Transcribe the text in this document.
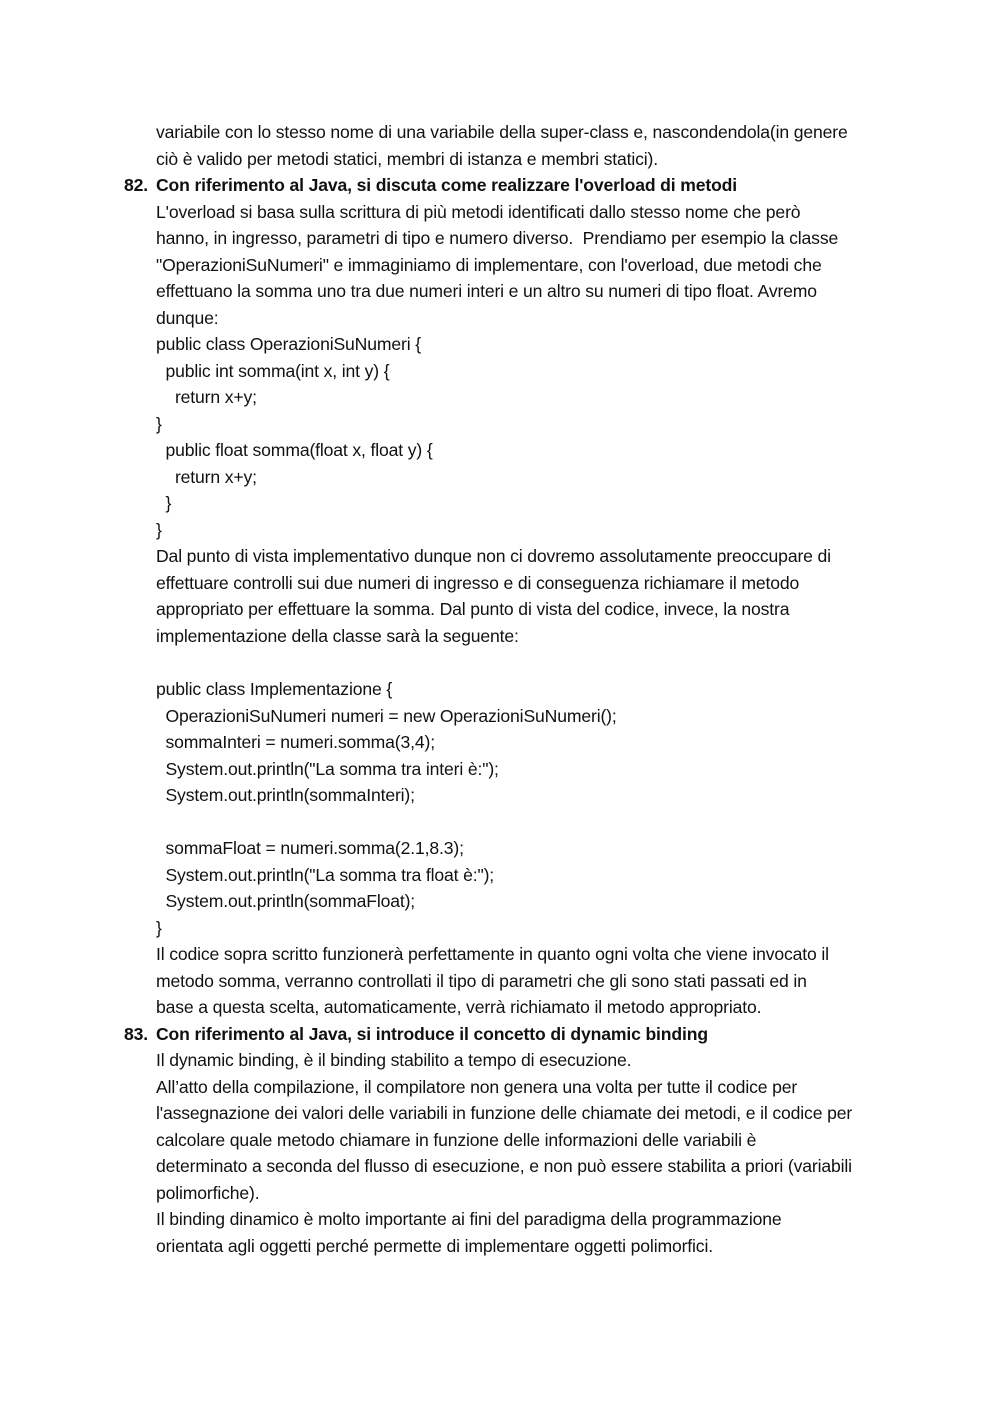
variabile con lo stesso nome di una variabile della super-class e, nascondendola(in genere
ciò è valido per metodi statici, membri di istanza e membri statici).
82. Con riferimento al Java, si discuta come realizzare l'overload di metodi
L'overload si basa sulla scrittura di più metodi identificati dallo stesso nome che però
hanno, in ingresso, parametri di tipo e numero diverso.  Prendiamo per esempio la classe
"OperazioniSuNumeri" e immaginiamo di implementare, con l'overload, due metodi che
effettuano la somma uno tra due numeri interi e un altro su numeri di tipo float. Avremo
dunque:
public class OperazioniSuNumeri {
public int somma(int x, int y) {
return x+y;
}
public float somma(float x, float y) {
return x+y;
}
}
Dal punto di vista implementativo dunque non ci dovremo assolutamente preoccupare di
effettuare controlli sui due numeri di ingresso e di conseguenza richiamare il metodo
appropriato per effettuare la somma. Dal punto di vista del codice, invece, la nostra
implementazione della classe sarà la seguente:
public class Implementazione {
OperazioniSuNumeri numeri = new OperazioniSuNumeri();
sommaInteri = numeri.somma(3,4);
System.out.println("La somma tra interi è:");
System.out.println(sommaInteri);
sommaFloat = numeri.somma(2.1,8.3);
System.out.println("La somma tra float è:");
System.out.println(sommaFloat);
}
Il codice sopra scritto funzionerà perfettamente in quanto ogni volta che viene invocato il
metodo somma, verranno controllati il tipo di parametri che gli sono stati passati ed in
base a questa scelta, automaticamente, verrà richiamato il metodo appropriato.
83. Con riferimento al Java, si introduce il concetto di dynamic binding
Il dynamic binding, è il binding stabilito a tempo di esecuzione.
All’atto della compilazione, il compilatore non genera una volta per tutte il codice per
l'assegnazione dei valori delle variabili in funzione delle chiamate dei metodi, e il codice per
calcolare quale metodo chiamare in funzione delle informazioni delle variabili è
determinato a seconda del flusso di esecuzione, e non può essere stabilita a priori (variabili
polimorfiche).
Il binding dinamico è molto importante ai fini del paradigma della programmazione
orientata agli oggetti perché permette di implementare oggetti polimorfici.
